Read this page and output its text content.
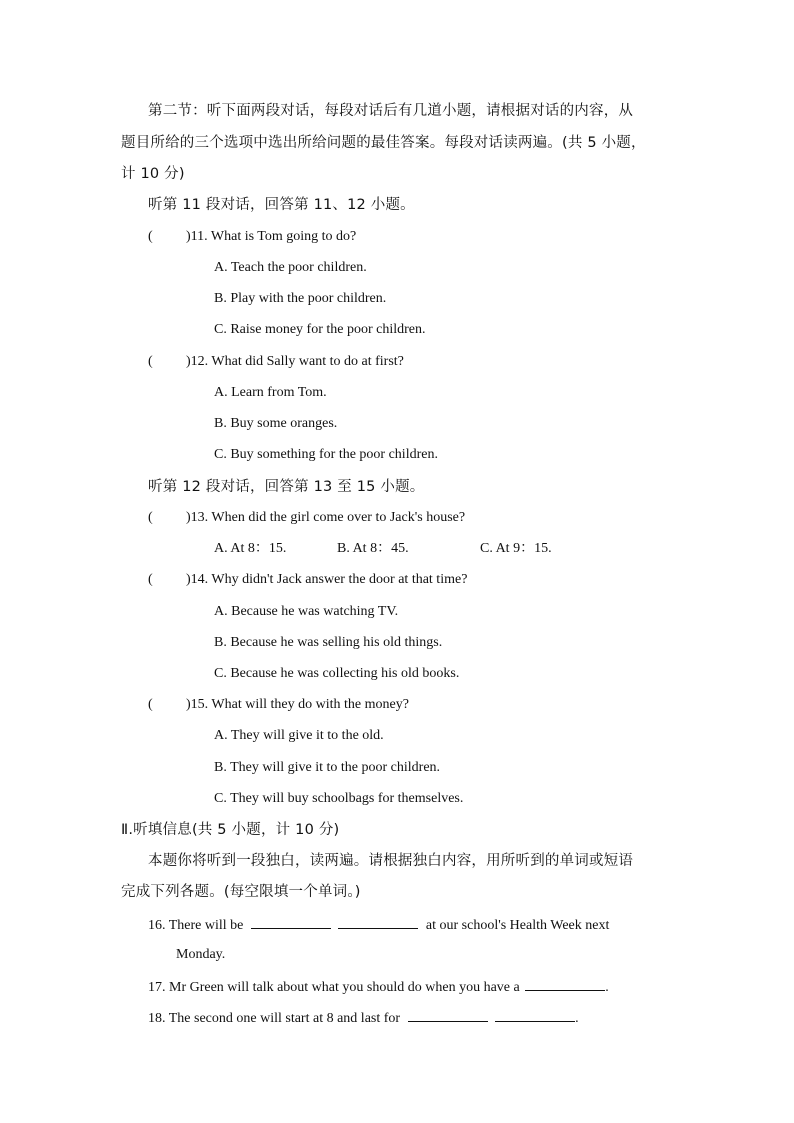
第二节：听下面两段对话，每段对话后有几道小题，请根据对话的内容，从
题目所给的三个选项中选出所给问题的最佳答案。每段对话读两遍。(共 5 小题，
计 10 分)
听第 11 段对话，回答第 11、12 小题。
( )11. What is Tom going to do?
A. Teach the poor children.
B. Play with the poor children.
C. Raise money for the poor children.
( )12. What did Sally want to do at first?
A. Learn from Tom.
B. Buy some oranges.
C. Buy something for the poor children.
听第 12 段对话，回答第 13 至 15 小题。
( )13. When did the girl come over to Jack's house?
A. At 8：15.	B. At 8：45.	C. At 9：15.
( )14. Why didn't Jack answer the door at that time?
A. Because he was watching TV.
B. Because he was selling his old things.
C. Because he was collecting his old books.
( )15. What will they do with the money?
A. They will give it to the old.
B. They will give it to the poor children.
C. They will buy schoolbags for themselves.
Ⅱ.听填信息(共 5 小题，计 10 分)
本题你将听到一段独白，读两遍。请根据独白内容，用所听到的单词或短语
完成下列各题。(每空限填一个单词。)
16. There will be	at our school's Health Week next
Monday.
17. Mr Green will talk about what you should do when you have a	.
18. The second one will start at 8 and last for	.
